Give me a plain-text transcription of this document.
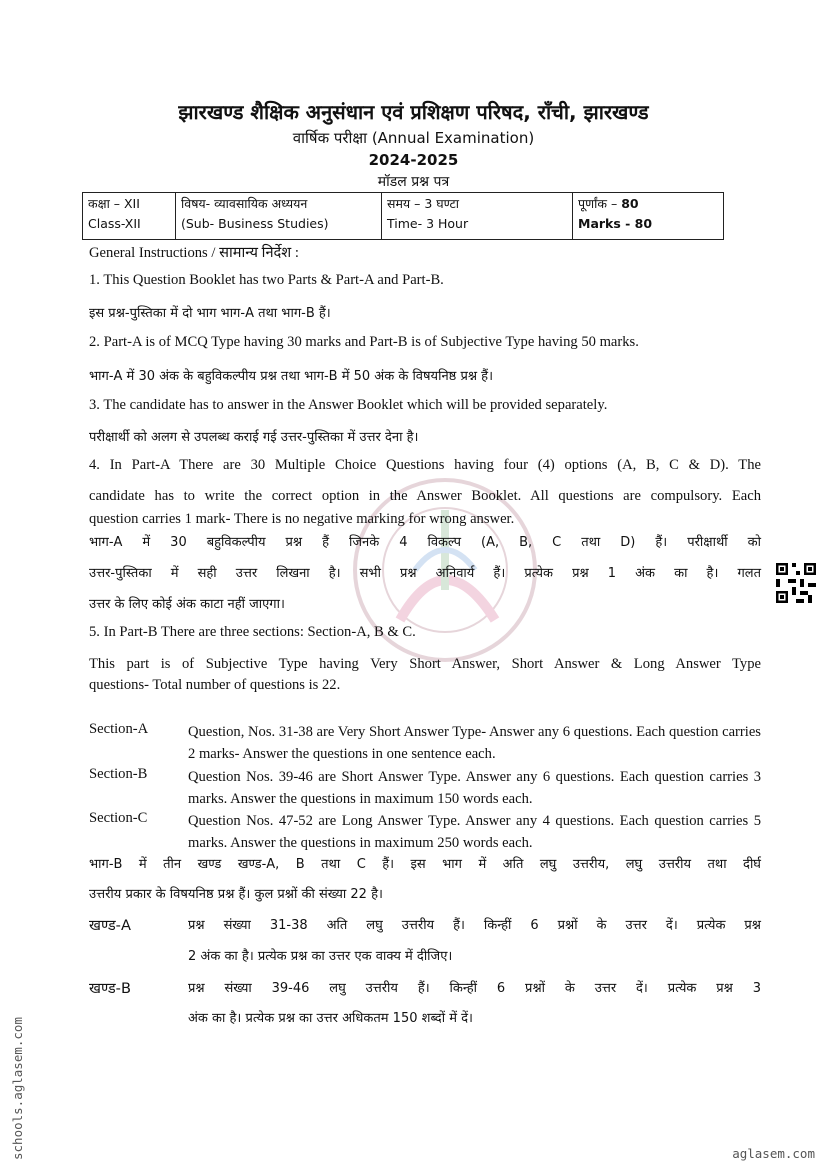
झारखण्ड शैक्षिक अनुसंधान एवं प्रशिक्षण परिषद, राँची, झारखण्ड
वार्षिक परीक्षा (Annual Examination)
2024-2025
मॉडल प्रश्न पत्र
कक्षा – XII
Class-XII

विषय- व्यावसायिक अध्ययन
(Sub- Business Studies)

समय – 3 घण्टा
Time- 3 Hour

पूर्णांक – 80
Marks - 80
General Instructions / सामान्य निर्देश :
1. This Question Booklet has two Parts & Part-A and Part-B.
इस प्रश्न-पुस्तिका में दो भाग भाग-A तथा भाग-B हैं।
2. Part-A is of MCQ Type having 30 marks and Part-B is of Subjective Type having 50 marks.
भाग-A में 30 अंक के बहुविकल्पीय प्रश्न तथा भाग-B में 50 अंक के विषयनिष्ठ प्रश्न हैं।
3. The candidate has to answer in the Answer Booklet which will be provided separately.
परीक्षार्थी को अलग से उपलब्ध कराई गई उत्तर-पुस्तिका में उत्तर देना है।
4. In Part-A There are 30 Multiple Choice Questions having four (4) options (A, B, C & D). The
candidate has to write the correct option in the Answer Booklet. All questions are compulsory. Each
question carries 1 mark- There is no negative marking for wrong answer.
भाग-A में 30 बहुविकल्पीय प्रश्न हैं जिनके 4 विकल्प (A, B, C तथा D) हैं। परीक्षार्थी को
उत्तर-पुस्तिका में सही उत्तर लिखना है। सभी प्रश्न अनिवार्य हैं। प्रत्येक प्रश्न 1 अंक का है। गलत
उत्तर के लिए कोई अंक काटा नहीं जाएगा।
5. In Part-B There are three sections: Section-A, B & C.
This part is of Subjective Type having Very Short Answer, Short Answer & Long Answer Type
questions- Total number of questions is 22.
Section-A	Question, Nos. 31-38 are Very Short Answer Type- Answer any 6 questions. Each question carries 2 marks- Answer the questions in one sentence each.
Section-B	Question Nos. 39-46 are Short Answer Type. Answer any 6 questions. Each question carries 3 marks. Answer the questions in maximum 150 words each.
Section-C	Question Nos. 47-52 are Long Answer Type. Answer any 4 questions. Each question carries 5 marks. Answer the questions in maximum 250 words each.
भाग-B में तीन खण्ड खण्ड-A, B तथा C हैं। इस भाग में अति लघु उत्तरीय, लघु उत्तरीय तथा दीर्घ
उत्तरीय प्रकार के विषयनिष्ठ प्रश्न हैं। कुल प्रश्नों की संख्या 22 है।
खण्ड-A	प्रश्न संख्या 31-38 अति लघु उत्तरीय हैं। किन्हीं 6 प्रश्नों के उत्तर दें। प्रत्येक प्रश्न
2 अंक का है। प्रत्येक प्रश्न का उत्तर एक वाक्य में दीजिए।
खण्ड-B	प्रश्न संख्या 39-46 लघु उत्तरीय हैं। किन्हीं 6 प्रश्नों के उत्तर दें। प्रत्येक प्रश्न 3
अंक का है। प्रत्येक प्रश्न का उत्तर अधिकतम 150 शब्दों में दें।
schools.aglasem.com	aglasem.com
